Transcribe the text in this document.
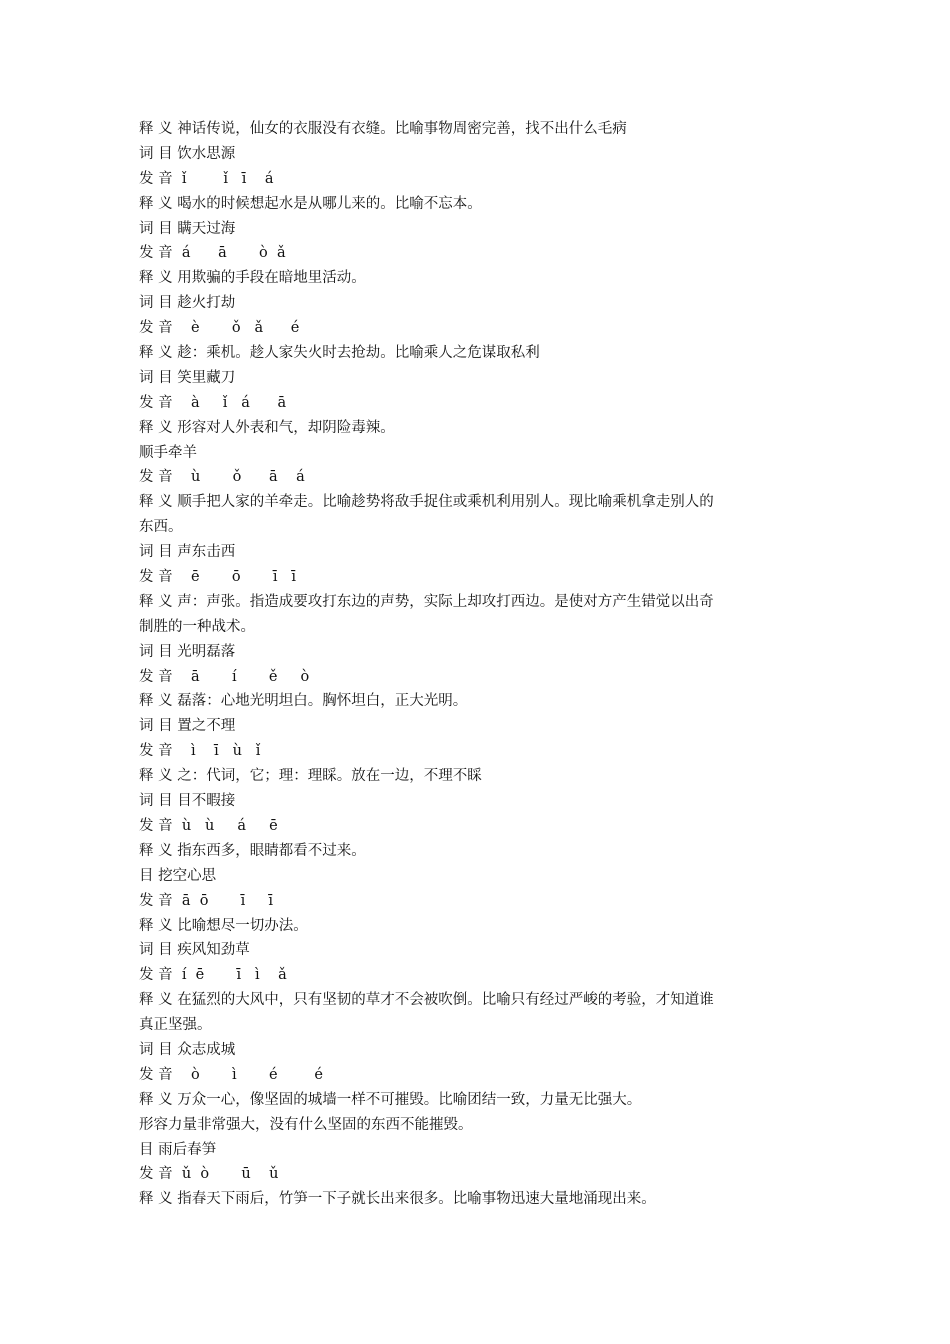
释 义 神话传说，仙女的衣服没有衣缝。比喻事物周密完善，找不出什么毛病
词 目 饮水思源
发 音  ǐ        ǐ   ī    á
释 义 喝水的时候想起水是从哪儿来的。比喻不忘本。
词 目 瞒天过海
发 音  á      ā       ò  ǎ
释 义 用欺骗的手段在暗地里活动。
词 目 趁火打劫
发 音    è       ǒ   ǎ      é
释 义 趁：乘机。趁人家失火时去抢劫。比喻乘人之危谋取私利
词 目 笑里藏刀
发 音    à     ǐ   á      ā
释 义 形容对人外表和气，却阴险毒辣。
顺手牵羊
发 音    ù       ǒ      ā    á
释 义 顺手把人家的羊牵走。比喻趁势将敌手捉住或乘机利用别人。现比喻乘机拿走别人的
东西。
词 目 声东击西
发 音    ē       ō       ī   ī
释 义 声：声张。指造成要攻打东边的声势，实际上却攻打西边。是使对方产生错觉以出奇
制胜的一种战术。
词 目 光明磊落
发 音    ā       í       ě     ò
释 义 磊落：心地光明坦白。胸怀坦白，正大光明。
词 目 置之不理
发 音    ì    ī   ù   ǐ
释 义 之：代词，它；理：理睬。放在一边，不理不睬
词 目 目不暇接
发 音  ù   ù     á     ē
释 义 指东西多，眼睛都看不过来。
目 挖空心思
发 音  ā  ō       ī     ī
释 义 比喻想尽一切办法。
词 目 疾风知劲草
发 音  í  ē       ī   ì    ǎ
释 义 在猛烈的大风中，只有坚韧的草才不会被吹倒。比喻只有经过严峻的考验，才知道谁
真正坚强。
词 目 众志成城
发 音    ò       ì       é        é
释 义 万众一心，像坚固的城墙一样不可摧毁。比喻团结一致，力量无比强大。
形容力量非常强大，没有什么坚固的东西不能摧毁。
目 雨后春笋
发 音  ǔ  ò       ū    ǔ
释 义 指春天下雨后，竹笋一下子就长出来很多。比喻事物迅速大量地涌现出来。
